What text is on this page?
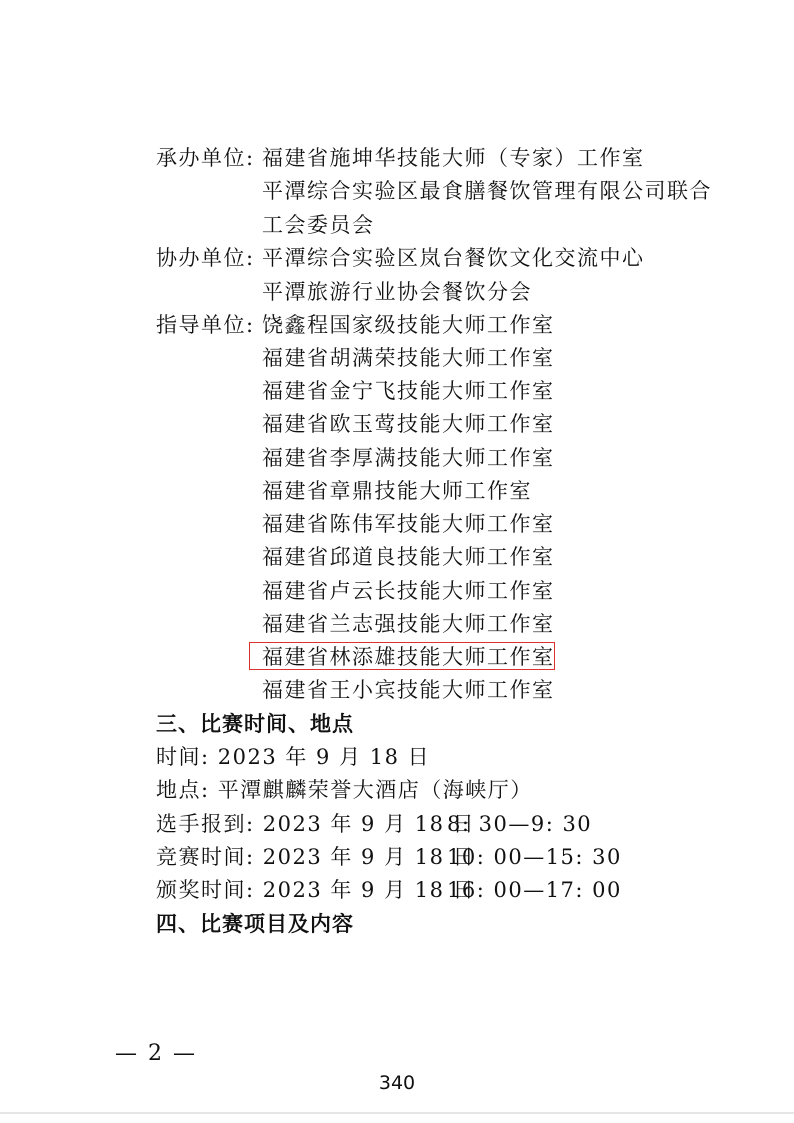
承办单位: 福建省施坤华技能大师（专家）工作室
平潭综合实验区最食膳餐饮管理有限公司联合
工会委员会
协办单位: 平潭综合实验区岚台餐饮文化交流中心
平潭旅游行业协会餐饮分会
指导单位: 饶鑫程国家级技能大师工作室
福建省胡满荣技能大师工作室
福建省金宁飞技能大师工作室
福建省欧玉莺技能大师工作室
福建省李厚满技能大师工作室
福建省章鼎技能大师工作室
福建省陈伟军技能大师工作室
福建省邱道良技能大师工作室
福建省卢云长技能大师工作室
福建省兰志强技能大师工作室
福建省林添雄技能大师工作室
福建省王小宾技能大师工作室
三、比赛时间、地点
时间: 2023 年 9 月 18 日
地点: 平潭麒麟荣誉大酒店（海峡厅）
选手报到: 2023 年 9 月 18 日
8: 30—9: 30
竞赛时间: 2023 年 9 月 18 日
10: 00—15: 30
颁奖时间: 2023 年 9 月 18 日
16: 00—17: 00
四、比赛项目及内容
— 2 —
340
